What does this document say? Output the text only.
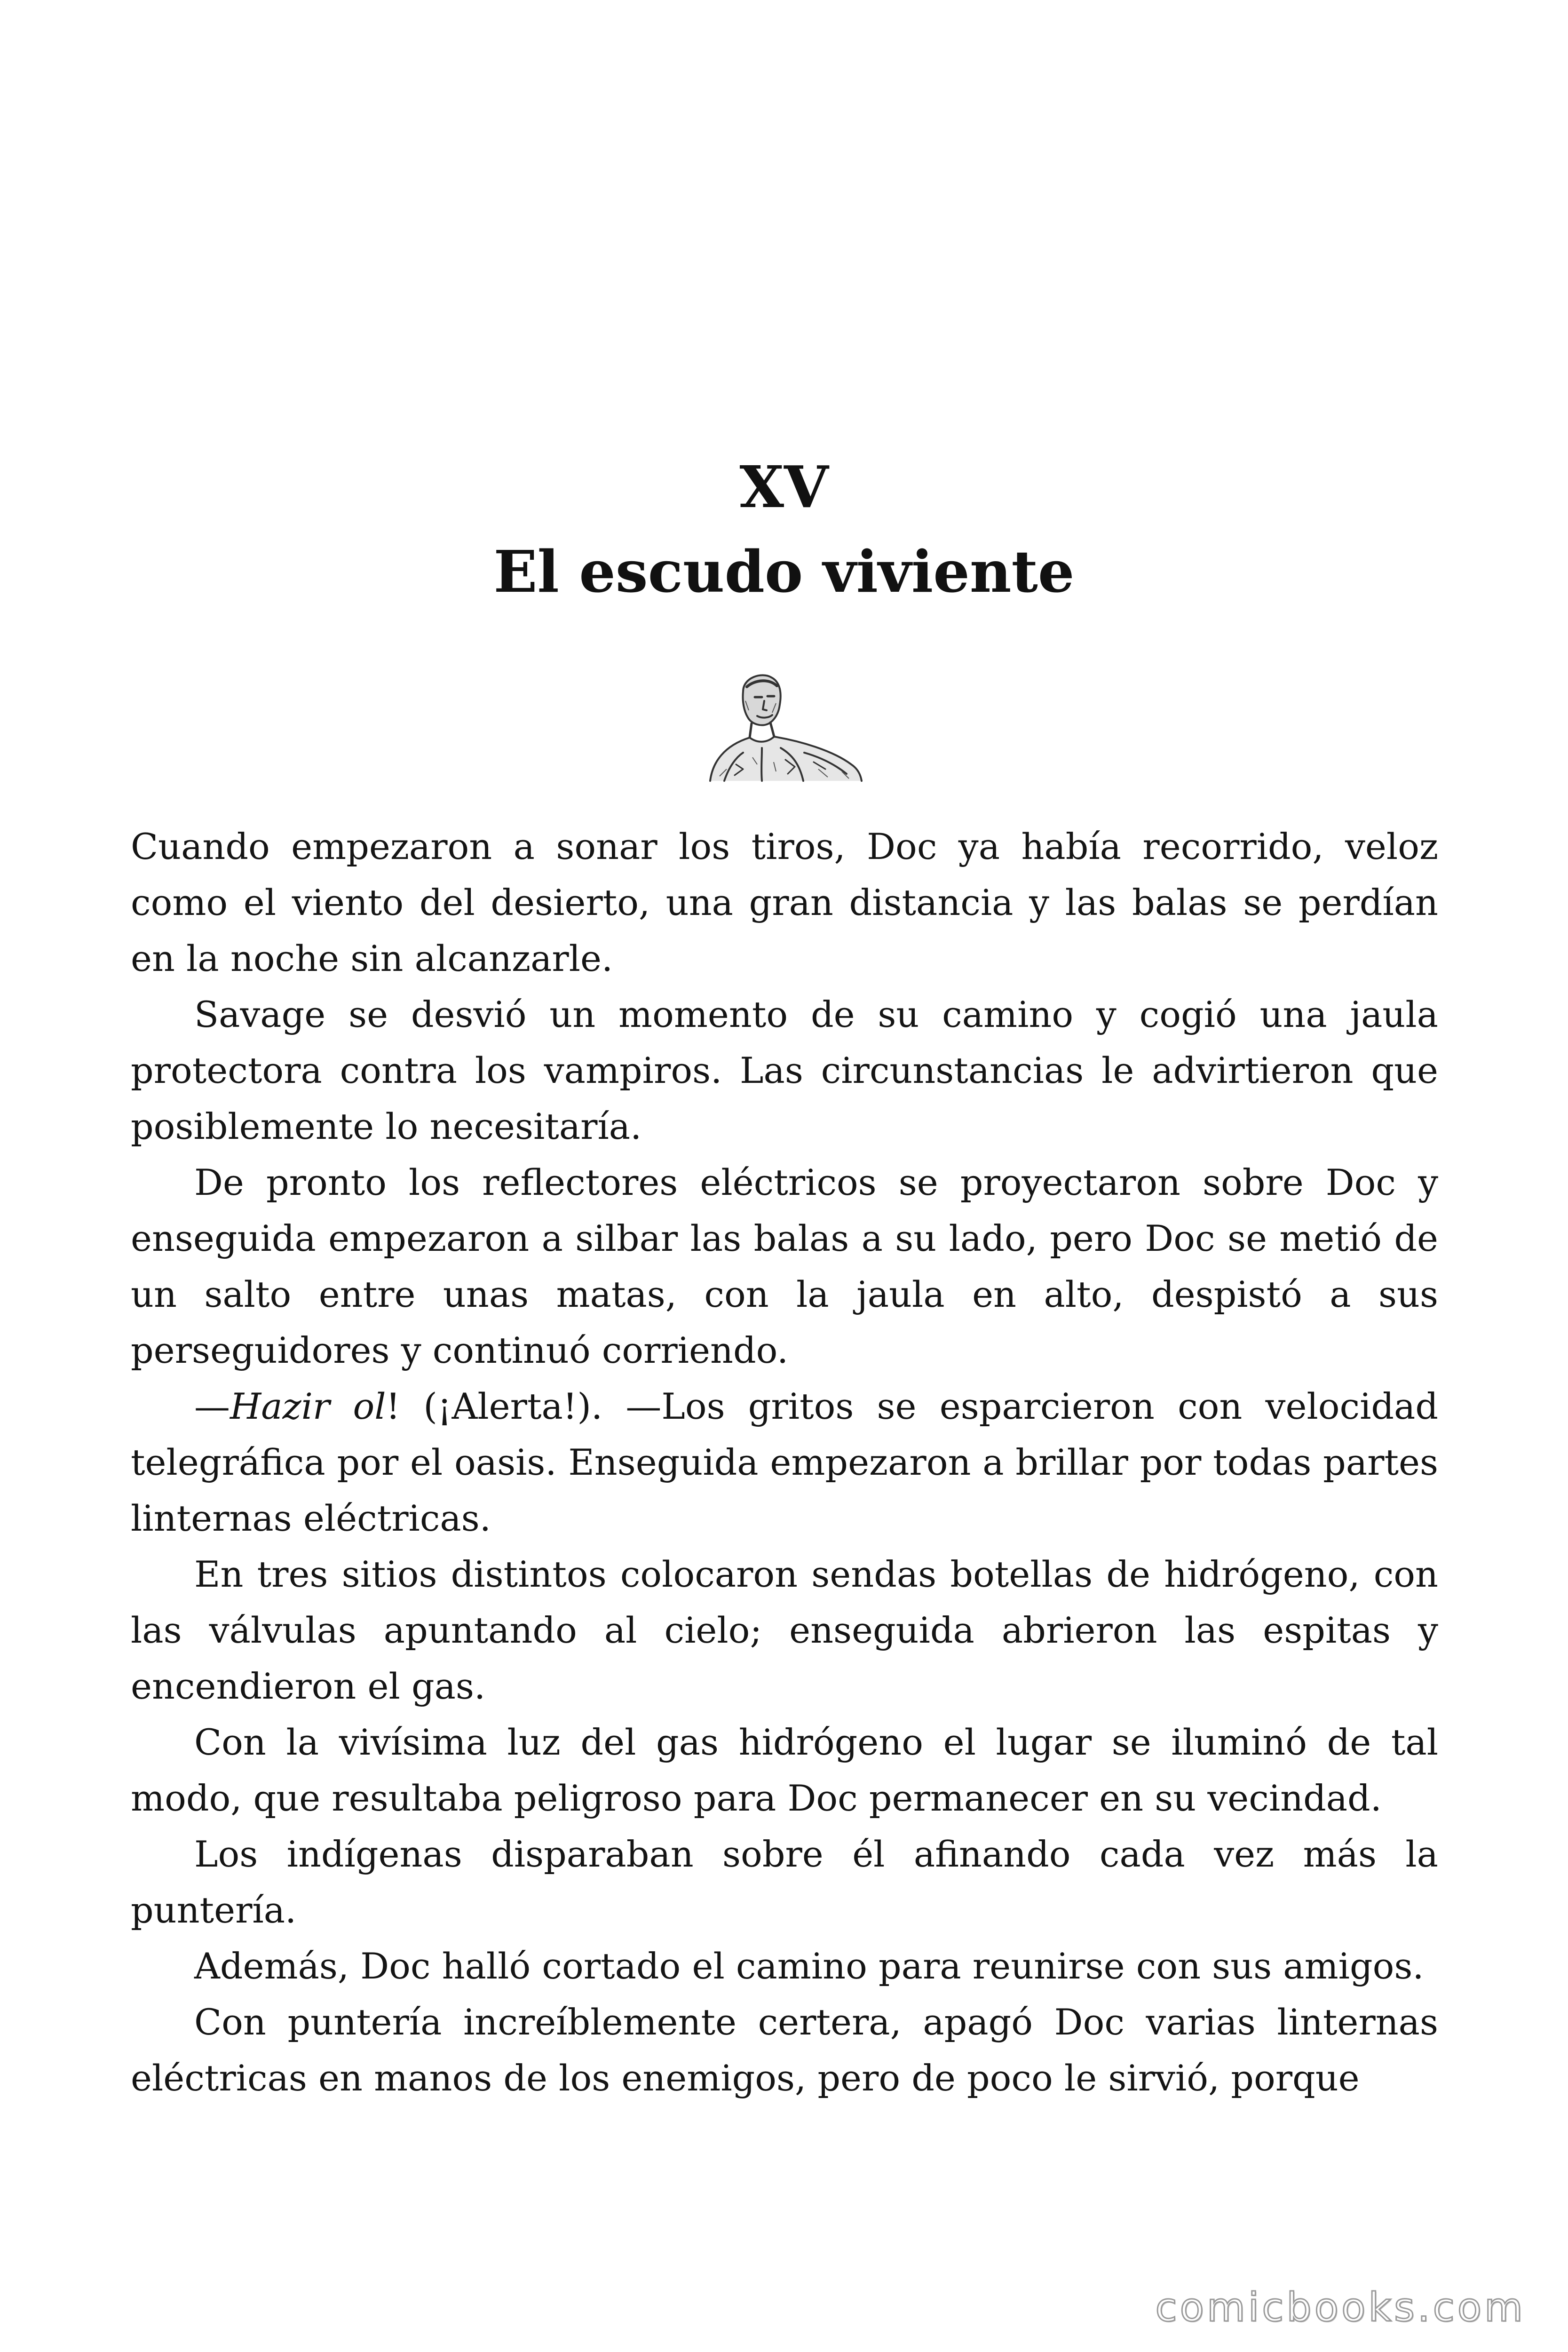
XV
El escudo viviente

Cuando empezaron a sonar los tiros, Doc ya había recorrido, veloz como el viento del desierto, una gran distancia y las balas se perdían en la noche sin alcanzarle.

Savage se desvió un momento de su camino y cogió una jaula protectora contra los vampiros. Las circunstancias le advirtieron que posiblemente lo necesitaría.

De pronto los reflectores eléctricos se proyectaron sobre Doc y enseguida empezaron a silbar las balas a su lado, pero Doc se metió de un salto entre unas matas, con la jaula en alto, despistó a sus perseguidores y continuó corriendo.

—Hazir ol! (¡Alerta!). —Los gritos se esparcieron con velocidad telegráfica por el oasis. Enseguida empezaron a brillar por todas partes linternas eléctricas.

En tres sitios distintos colocaron sendas botellas de hidrógeno, con las válvulas apuntando al cielo; enseguida abrieron las espitas y encendieron el gas.

Con la vivísima luz del gas hidrógeno el lugar se iluminó de tal modo, que resultaba peligroso para Doc permanecer en su vecindad.

Los indígenas disparaban sobre él afinando cada vez más la puntería.

Además, Doc halló cortado el camino para reunirse con sus amigos.

Con puntería increíblemente certera, apagó Doc varias linternas eléctricas en manos de los enemigos, pero de poco le sirvió, porque

comicbooks.com
